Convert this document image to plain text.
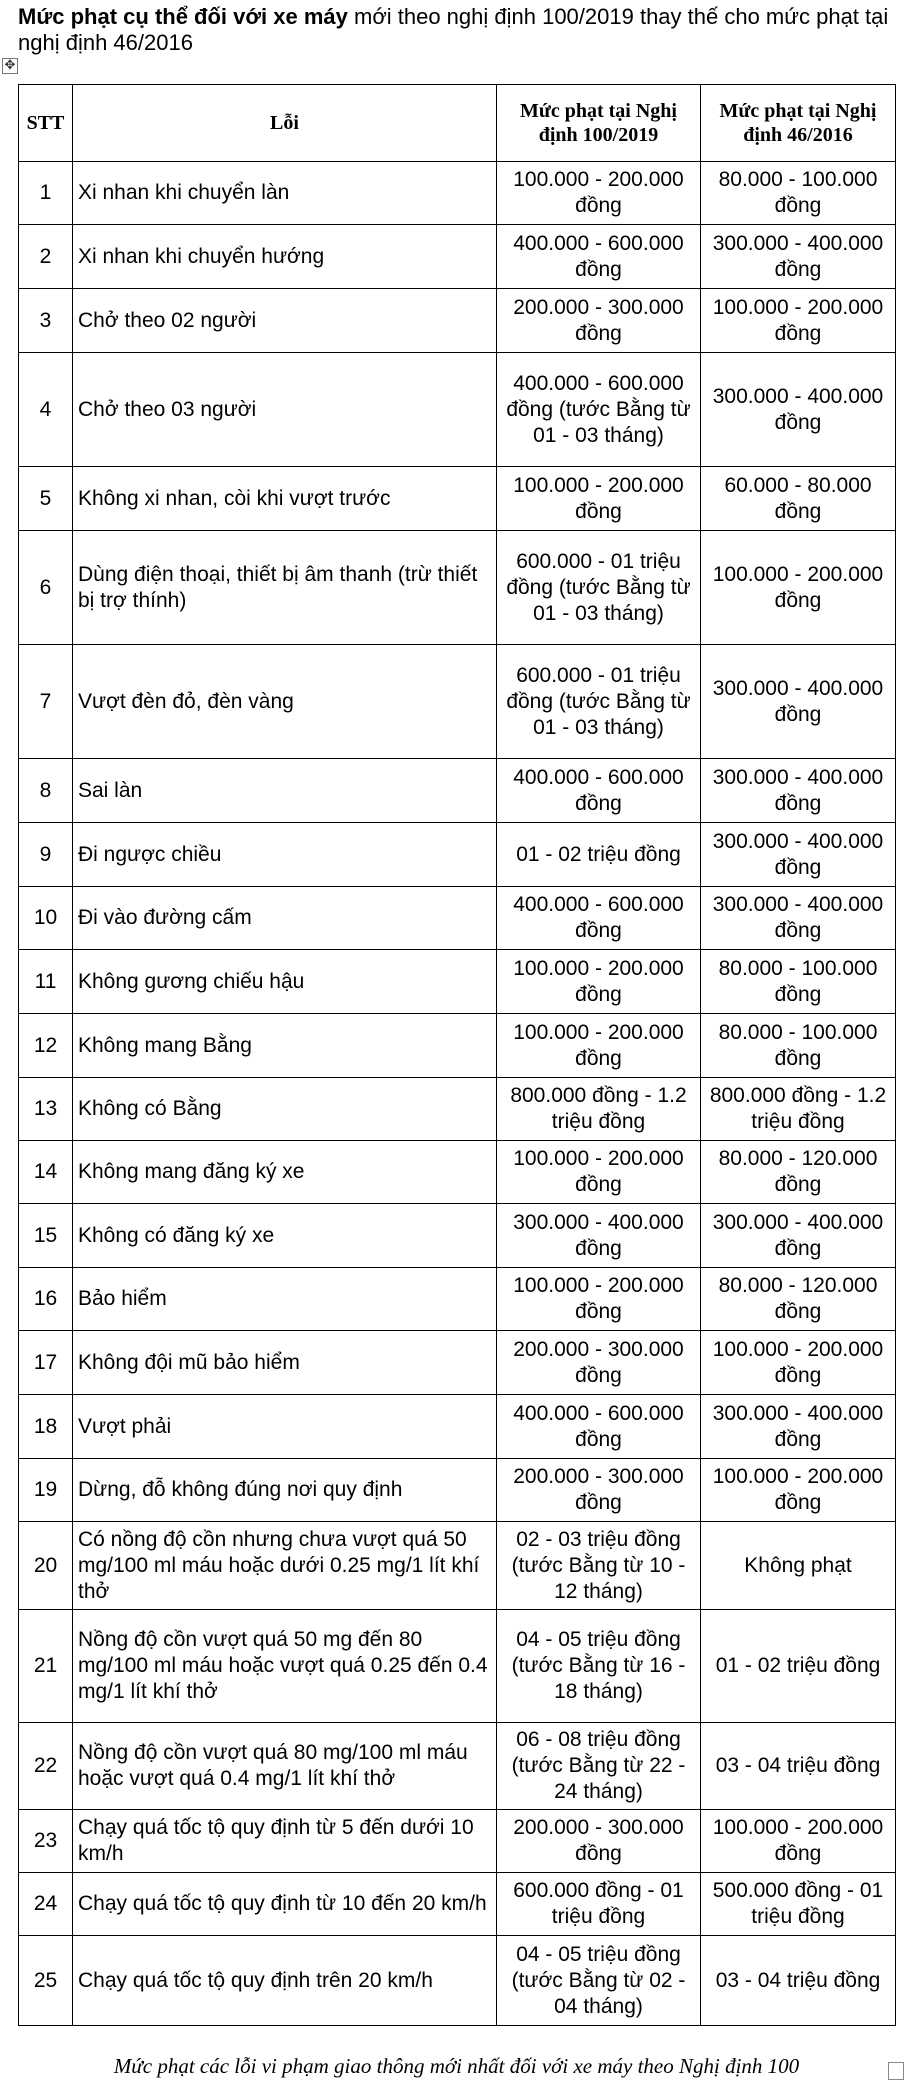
Mức phạt cụ thể đối với xe máy mới theo nghị định 100/2019 thay thế cho mức phạt tại nghị định 46/2016
✥
STT	Lỗi	Mức phạt tại Nghị định 100/2019	Mức phạt tại Nghị định 46/2016
1	Xi nhan khi chuyển làn	100.000 - 200.000 đồng	80.000 - 100.000 đồng
2	Xi nhan khi chuyển hướng	400.000 - 600.000 đồng	300.000 - 400.000 đồng
3	Chở theo 02 người	200.000 - 300.000 đồng	100.000 - 200.000 đồng
4	Chở theo 03 người	400.000 - 600.000 đồng (tước Bằng từ 01 - 03 tháng)	300.000 - 400.000 đồng
5	Không xi nhan, còi khi vượt trước	100.000 - 200.000 đồng	60.000 - 80.000 đồng
6	Dùng điện thoại, thiết bị âm thanh (trừ thiết bị trợ thính)	600.000 - 01 triệu đồng (tước Bằng từ 01 - 03 tháng)	100.000 - 200.000 đồng
7	Vượt đèn đỏ, đèn vàng	600.000 - 01 triệu đồng (tước Bằng từ 01 - 03 tháng)	300.000 - 400.000 đồng
8	Sai làn	400.000 - 600.000 đồng	300.000 - 400.000 đồng
9	Đi ngược chiều	01 - 02 triệu đồng	300.000 - 400.000 đồng
10	Đi vào đường cấm	400.000 - 600.000 đồng	300.000 - 400.000 đồng
11	Không gương chiếu hậu	100.000 - 200.000 đồng	80.000 - 100.000 đồng
12	Không mang Bằng	100.000 - 200.000 đồng	80.000 - 100.000 đồng
13	Không có Bằng	800.000 đồng - 1.2 triệu đồng	800.000 đồng - 1.2 triệu đồng
14	Không mang đăng ký xe	100.000 - 200.000 đồng	80.000 - 120.000 đồng
15	Không có đăng ký xe	300.000 - 400.000 đồng	300.000 - 400.000 đồng
16	Bảo hiểm	100.000 - 200.000 đồng	80.000 - 120.000 đồng
17	Không đội mũ bảo hiểm	200.000 - 300.000 đồng	100.000 - 200.000 đồng
18	Vượt phải	400.000 - 600.000 đồng	300.000 - 400.000 đồng
19	Dừng, đỗ không đúng nơi quy định	200.000 - 300.000 đồng	100.000 - 200.000 đồng
20	Có nồng độ cồn nhưng chưa vượt quá 50 mg/100 ml máu hoặc dưới 0.25 mg/1 lít khí thở	02 - 03 triệu đồng (tước Bằng từ 10 - 12 tháng)	Không phạt
21	Nồng độ cồn vượt quá 50 mg đến 80 mg/100 ml máu hoặc vượt quá 0.25 đến 0.4 mg/1 lít khí thở	04 - 05 triệu đồng (tước Bằng từ 16 - 18 tháng)	01 - 02 triệu đồng
22	Nồng độ cồn vượt quá 80 mg/100 ml máu hoặc vượt quá 0.4 mg/1 lít khí thở	06 - 08 triệu đồng (tước Bằng từ 22 - 24 tháng)	03 - 04 triệu đồng
23	Chạy quá tốc tộ quy định từ 5 đến dưới 10 km/h	200.000 - 300.000 đồng	100.000 - 200.000 đồng
24	Chạy quá tốc tộ quy định từ 10 đến 20 km/h	600.000 đồng - 01 triệu đồng	500.000 đồng - 01 triệu đồng
25	Chạy quá tốc tộ quy định trên 20 km/h	04 - 05 triệu đồng (tước Bằng từ 02 - 04 tháng)	03 - 04 triệu đồng
Mức phạt các lỗi vi phạm giao thông mới nhất đối với xe máy theo Nghị định 100
